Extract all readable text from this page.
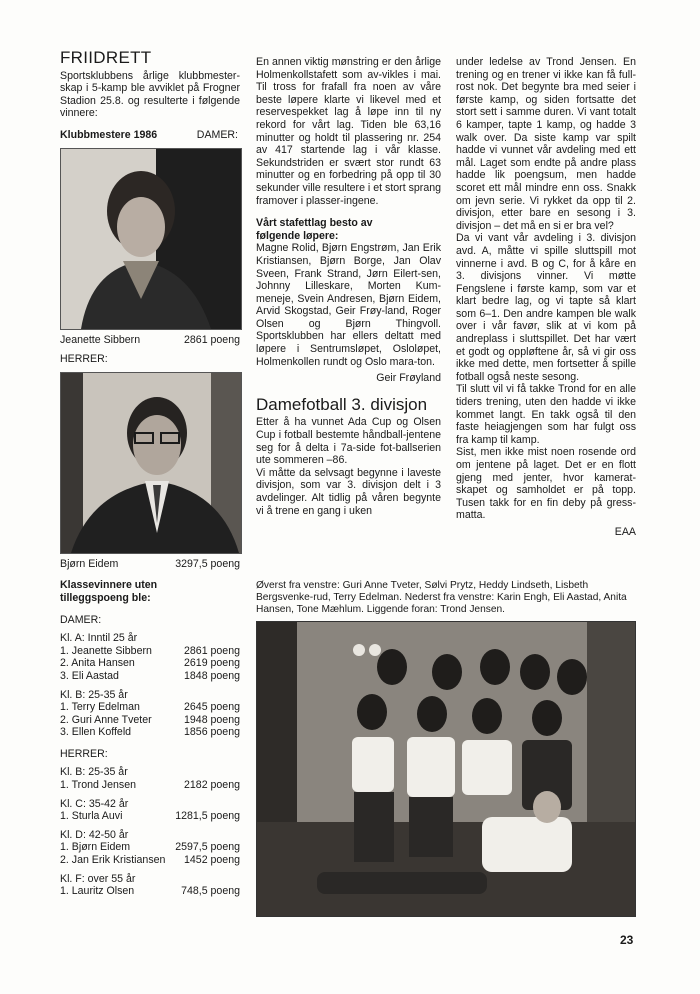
FRIIDRETT

Sportsklubbens årlige klubbmester-skap i 5-kamp ble avviklet på Frogner Stadion 25.8. og resulterte i følgende vinnere:

Klubbmestere 1986	DAMER:
Jeanette Sibbern	2861 poeng
HERRER:
Bjørn Eidem	3297,5 poeng
Klassevinnere uten
tilleggspoeng ble:
DAMER:
Kl. A: Inntil 25 år
1. Jeanette Sibbern	2861 poeng
2. Anita Hansen	2619 poeng
3. Eli Aastad	1848 poeng
Kl. B: 25-35 år
1. Terry Edelman	2645 poeng
2. Guri Anne Tveter	1948 poeng
3. Ellen Koffeld	1856 poeng
HERRER:
Kl. B: 25-35 år
1. Trond Jensen	2182 poeng
Kl. C: 35-42 år
1. Sturla Auvi	1281,5 poeng
Kl. D: 42-50 år
1. Bjørn Eidem	2597,5 poeng
2. Jan Erik Kristiansen 1452 poeng
Kl. F: over 55 år
1. Lauritz Olsen	748,5 poeng

En annen viktig mønstring er den årlige Holmenkollstafett som av-vikles i mai. Til tross for frafall fra noen av våre beste løpere klarte vi likevel med et reservespekket lag å løpe inn til ny rekord for vårt lag. Tiden ble 63,16 minutter og holdt til plassering nr. 254 av 417 startende lag i vår klasse. Sekundstriden er svært stor rundt 63 minutter og en forbedring på opp til 30 sekunder ville resultere i et stort sprang framover i plasser-ingene.

Vårt stafettlag besto av
følgende løpere:

Magne Rolid, Bjørn Engstrøm, Jan Erik Kristiansen, Bjørn Borge, Jan Olav Sveen, Frank Strand, Jørn Eilert-sen, Johnny Lilleskare, Morten Kum-meneje, Svein Andresen, Bjørn Eidem, Arvid Skogstad, Geir Frøy-land, Roger Olsen og Bjørn Thingvoll. Sportsklubben har ellers deltatt med løpere i Sentrumsløpet, Osloløpet, Holmenkollen rundt og Oslo mara-ton.

Geir Frøyland
Damefotball 3. divisjon

Etter å ha vunnet Ada Cup og Olsen Cup i fotball bestemte håndball-jentene seg for å delta i 7a-side fot-ballserien ute sommeren –86.

Vi måtte da selvsagt begynne i laveste divisjon, som var 3. divisjon delt i 3 avdelinger. Alt tidlig på våren begynte vi å trene en gang i uken

under ledelse av Trond Jensen. En trening og en trener vi ikke kan få full-rost nok. Det begynte bra med seier i første kamp, og siden fortsatte det stort sett i samme duren. Vi vant totalt 6 kamper, tapte 1 kamp, og hadde 3 walk over. Da siste kamp var spilt hadde vi vunnet vår avdeling med ett mål. Laget som endte på andre plass hadde lik poengsum, men hadde scoret ett mål mindre enn oss. Snakk om jevn serie. Vi rykket da opp til 2. divisjon, etter bare en sesong i 3. divisjon – det må en si er bra vel?

Da vi vant vår avdeling i 3. divisjon avd. A, måtte vi spille sluttspill mot vinnerne i avd. B og C, for å kåre en 3. divisjons vinner. Vi møtte Fengslene i første kamp, som var et klart bedre lag, og vi tapte så klart som 6–1. Den andre kampen ble walk over i vår favør, slik at vi kom på andreplass i sluttspillet. Det har vært et godt og oppløftene år, så vi gir oss ikke med dette, men fortsetter å spille fotball også neste sesong.

Til slutt vil vi få takke Trond for en alle tiders trening, uten den hadde vi ikke kommet langt. En takk også til den faste heiagjengen som har fulgt oss fra kamp til kamp.

Sist, men ikke mist noen rosende ord om jentene på laget. Det er en flott gjeng med jenter, hvor kamerat-skapet og samholdet er på topp. Tusen takk for en fin deby på gress-matta.

EAA
Øverst fra venstre: Guri Anne Tveter, Sølvi Prytz, Heddy Lindseth, Lisbeth Bergsvenke-rud, Terry Edelman. Nederst fra venstre: Karin Engh, Eli Aastad, Anita Hansen, Tone Mæhlum. Liggende foran: Trond Jensen.
23
